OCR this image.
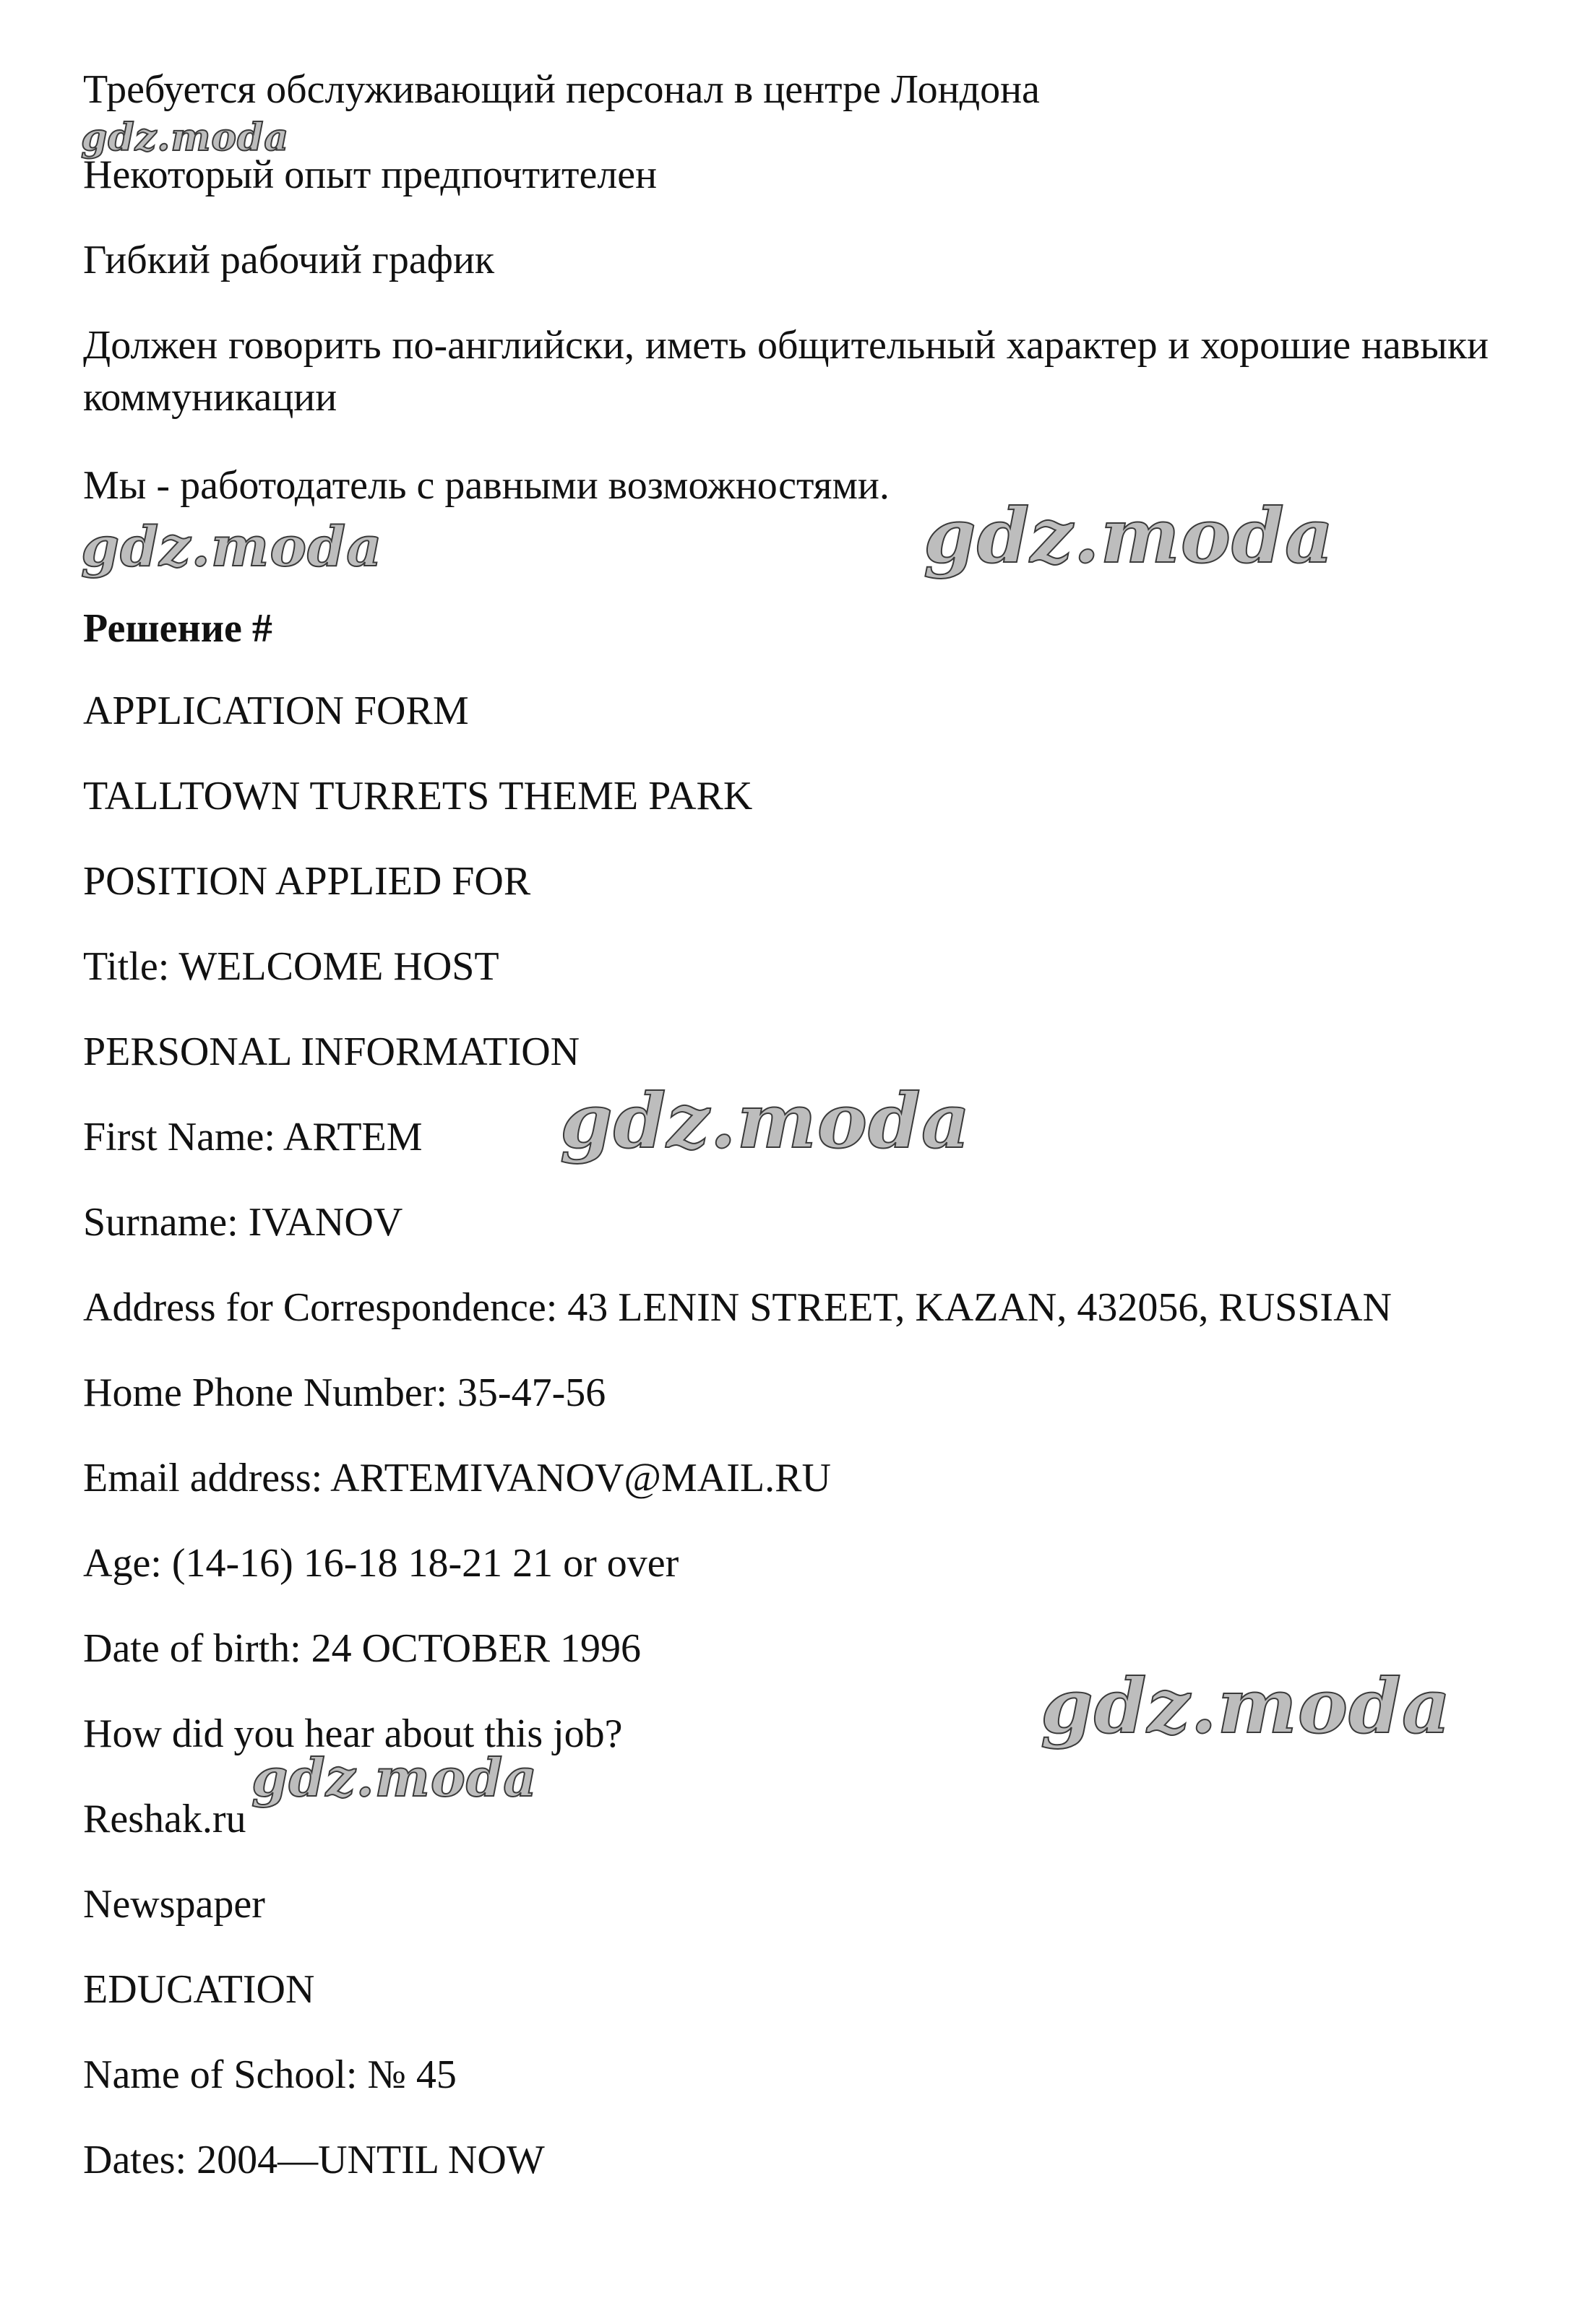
Требуется обслуживающий персонал в центре Лондона
Некоторый опыт предпочтителен
Гибкий рабочий график
Должен говорить по-английски, иметь общительный характер и хорошие навыки коммуникации
Мы - работодатель с равными возможностями.
Решение #
APPLICATION FORM
TALLTOWN TURRETS THEME PARK
POSITION APPLIED FOR
Title: WELCOME HOST
PERSONAL INFORMATION
First Name: ARTEM
Surname: IVANOV
Address for Correspondence: 43 LENIN STREET, KAZAN, 432056, RUSSIAN
Home Phone Number: 35-47-56
Email address: ARTEMIVANOV@MAIL.RU
Age: (14-16) 16-18 18-21 21 or over
Date of birth: 24 OCTOBER 1996
How did you hear about this job?
Reshak.ru
Newspaper
EDUCATION
Name of School: № 45
Dates: 2004—UNTIL NOW
gdz.moda
gdz.moda	gdz.moda
gdz.moda
gdz.moda
gdz.moda
